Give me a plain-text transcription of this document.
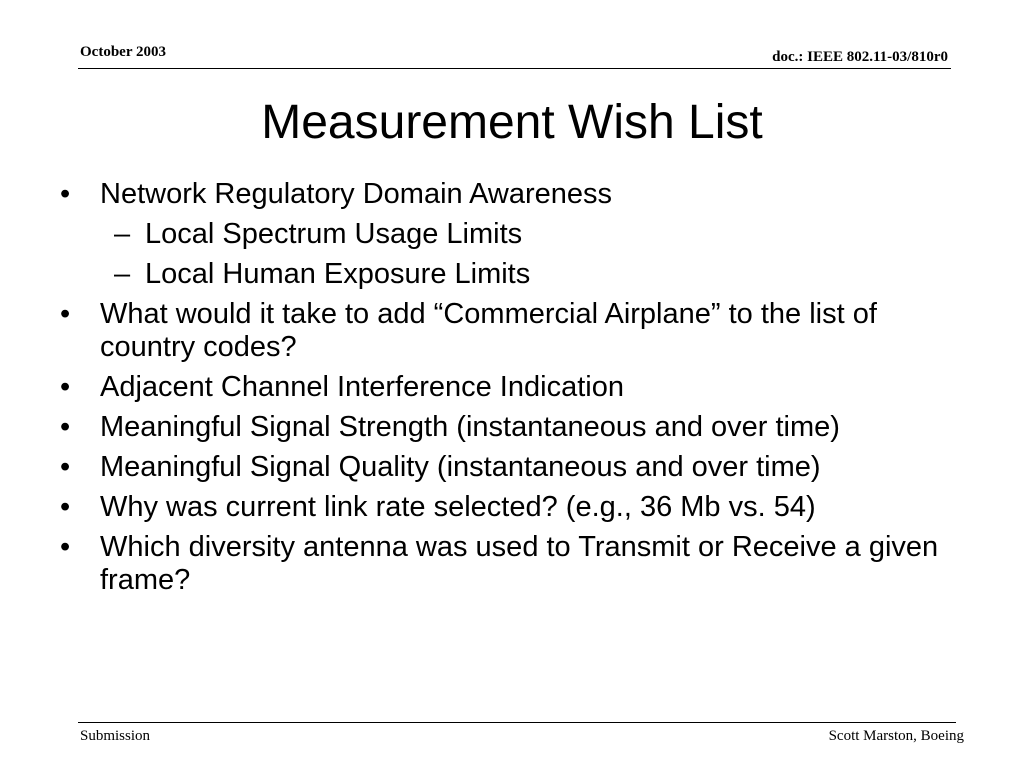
October 2003	doc.: IEEE 802.11-03/810r0
Measurement Wish List
• Network Regulatory Domain Awareness
– Local Spectrum Usage Limits
– Local Human Exposure Limits
• What would it take to add “Commercial Airplane” to the list of country codes?
• Adjacent Channel Interference Indication
• Meaningful Signal Strength (instantaneous and over time)
• Meaningful Signal Quality (instantaneous and over time)
• Why was current link rate selected? (e.g., 36 Mb vs. 54)
• Which diversity antenna was used to Transmit or Receive a given frame?
Submission	Scott Marston, Boeing
